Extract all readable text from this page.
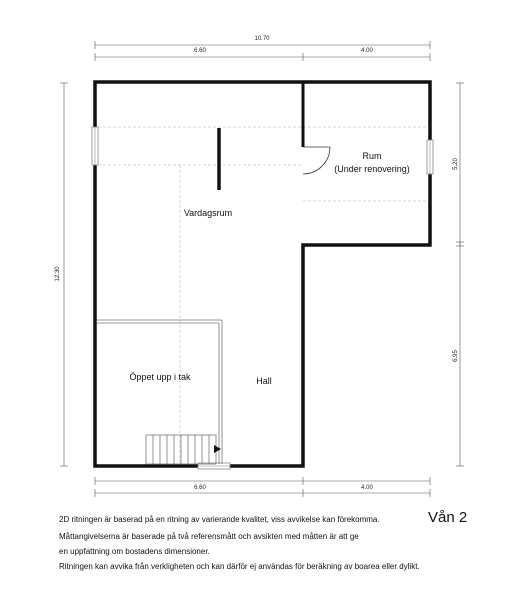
10.70
6.60	4.00
6.60	4.00
12.30
5.20
6.95
Rum
(Under renovering)
Vardagsrum
Öppet upp i tak	Hall
Vån 2
2D ritningen är baserad på en ritning av varierande kvalitet, viss avvikelse kan förekomma.
Måttangivelserna är baserade på två referensmått och avsikten med måtten är att ge
en uppfattning om bostadens dimensioner.
Ritningen kan avvika från verkligheten och kan därför ej användas för beräkning av boarea eller dylikt.
